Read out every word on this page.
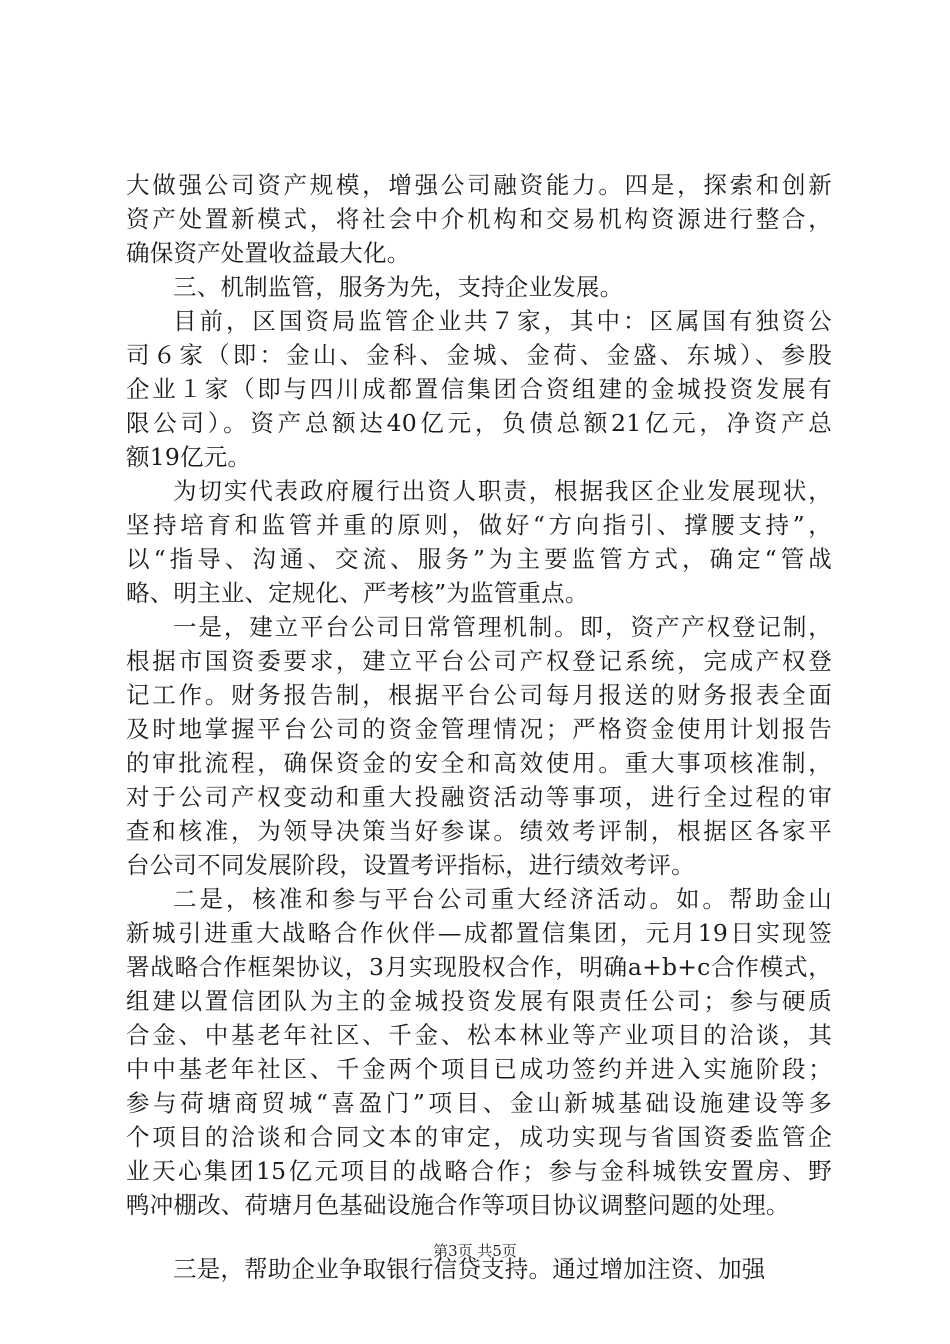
大做强公司资产规模，增强公司融资能力。四是，探索和创新
资产处置新模式，将社会中介机构和交易机构资源进行整合，
确保资产处置收益最大化。
三、机制监管，服务为先，支持企业发展。
目前，区国资局监管企业共７家，其中：区属国有独资公
司６家（即：金山、金科、金城、金荷、金盛、东城）、参股
企业１家（即与四川成都置信集团合资组建的金城投资发展有
限公司）。资产总额达40亿元，负债总额21亿元，净资产总
额19亿元。
为切实代表政府履行出资人职责，根据我区企业发展现状，
坚持培育和监管并重的原则，做好“方向指引、撑腰支持”，
以“指导、沟通、交流、服务”为主要监管方式，确定“管战
略、明主业、定规化、严考核”为监管重点。
一是，建立平台公司日常管理机制。即，资产产权登记制，
根据市国资委要求，建立平台公司产权登记系统，完成产权登
记工作。财务报告制，根据平台公司每月报送的财务报表全面
及时地掌握平台公司的资金管理情况；严格资金使用计划报告
的审批流程，确保资金的安全和高效使用。重大事项核准制，
对于公司产权变动和重大投融资活动等事项，进行全过程的审
查和核准，为领导决策当好参谋。绩效考评制，根据区各家平
台公司不同发展阶段，设置考评指标，进行绩效考评。
二是，核准和参与平台公司重大经济活动。如。帮助金山
新城引进重大战略合作伙伴—成都置信集团，元月19日实现签
署战略合作框架协议，3月实现股权合作，明确a+b+c合作模式，
组建以置信团队为主的金城投资发展有限责任公司；参与硬质
合金、中基老年社区、千金、松本林业等产业项目的洽谈，其
中中基老年社区、千金两个项目已成功签约并进入实施阶段；
参与荷塘商贸城“喜盈门”项目、金山新城基础设施建设等多
个项目的洽谈和合同文本的审定，成功实现与省国资委监管企
业天心集团15亿元项目的战略合作；参与金科城铁安置房、野
鸭冲棚改、荷塘月色基础设施合作等项目协议调整问题的处理。
三是，帮助企业争取银行信贷支持。通过增加注资、加强
第3页 共5页
